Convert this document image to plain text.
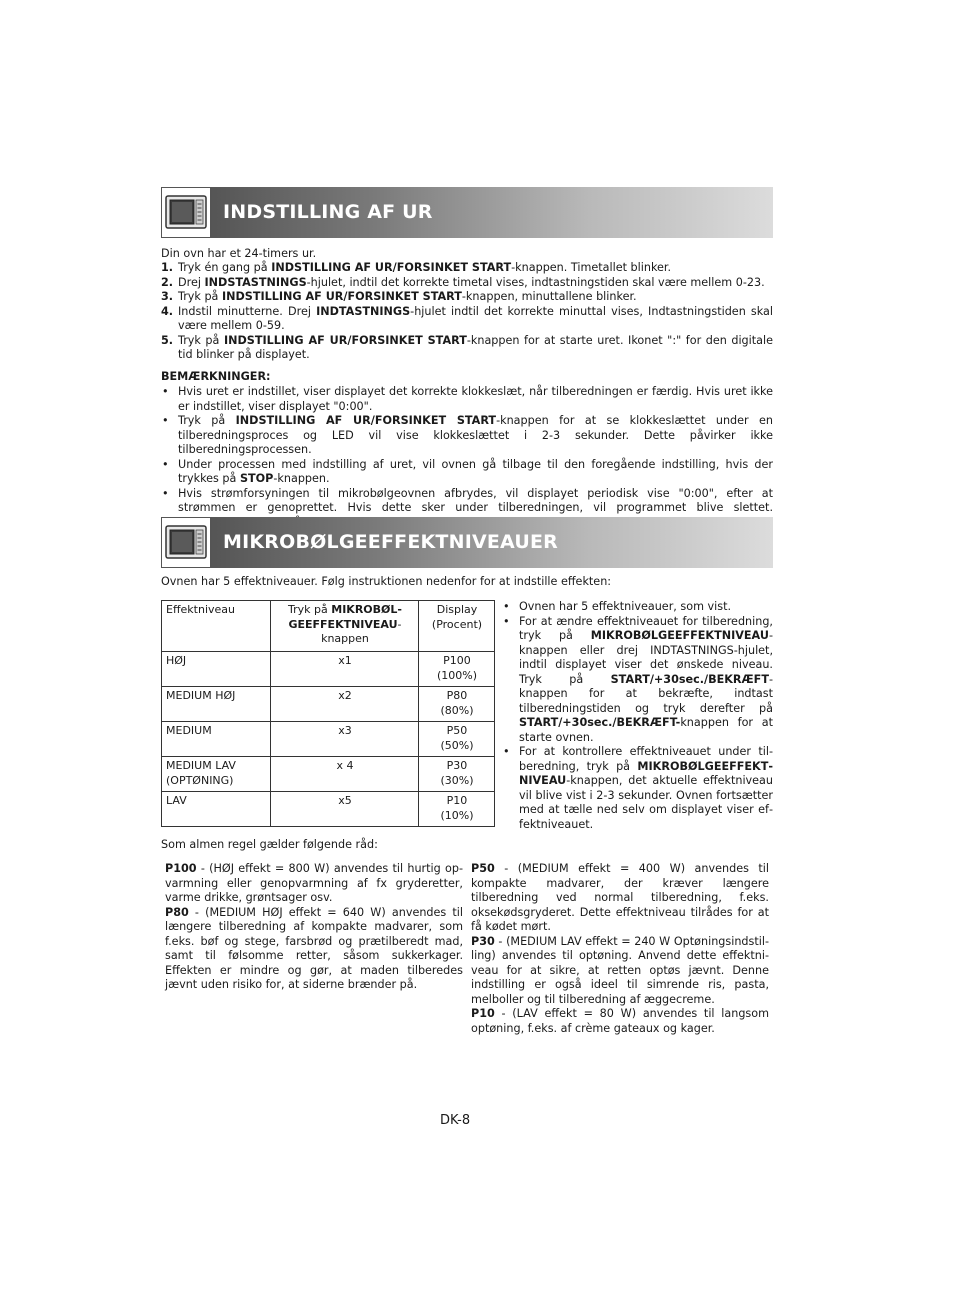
INDSTILLING AF UR
Din ovn har et 24-timers ur.
1. Tryk én gang på INDSTILLING AF UR/FORSINKET START-knappen. Timetallet blinker.
2. Drej INDSTASTNINGS-hjulet, indtil det korrekte timetal vises, indtastningstiden skal være mellem 0-23.
3. Tryk på INDSTILLING AF UR/FORSINKET START-knappen, minuttallene blinker.
4. Indstil minutterne. Drej INDTASTNINGS-hjulet indtil det korrekte minuttal vises, Indtastningstiden skal være mellem 0-59.
5. Tryk på INDSTILLING AF UR/FORSINKET START-knappen for at starte uret. Ikonet ":" for den digitale tid blinker på displayet.
BEMÆRKNINGER:
• Hvis uret er indstillet, viser displayet det korrekte klokkeslæt, når tilberedningen er færdig. Hvis uret ikke er indstillet, viser displayet "0:00".
• Tryk på INDSTILLING AF UR/FORSINKET START-knappen for at se klokkeslættet under en tilberedningsproces og LED vil vise klokkeslættet i 2-3 sekunder. Dette påvirker ikke tilberedningsprocessen.
• Under processen med indstilling af uret, vil ovnen gå tilbage til den foregående indstilling, hvis der trykkes på STOP-knappen.
• Hvis strømforsyningen til mikrobølgeovnen afbrydes, vil displayet periodisk vise "0:00", efter at strømmen er genoprettet. Hvis dette sker under tilberedningen, vil programmet blive slettet.
MIKROBØLGEEFFEKTNIVEAUER
Ovnen har 5 effektniveauer. Følg instruktionen nedenfor for at indstille effekten:
Effektniveau	Tryk på MIKROBØLGEEFFEKTNIVEAU-knappen	Display (Procent)
HØJ	x1	P100
(100%)
MEDIUM HØJ	x2	P80
(80%)
MEDIUM	x3	P50
(50%)
MEDIUM LAV (OPTØNING)	x 4	P30
(30%)
LAV	x5	P10
(10%)
• Ovnen har 5 effektniveauer, som vist.
• For at ændre effektniveauet for tilberedning, tryk på MIKROBØLGEEFFEKTNIVEAU-knappen eller drej INDTASTNINGS-hjulet, indtil displayet viser det ønskede niveau. Tryk på START/+30sec./BEKRÆFT-knappen for at bekræfte, indtast tilberedningstiden og tryk derefter på START/+30sec./BEKRÆFT-knappen for at starte ovnen.
• For at kontrollere effektniveauet under tilberedning, tryk på MIKROBØLGEEFFEKTNIVEAU-knappen, det aktuelle effektniveau vil blive vist i 2-3 sekunder. Ovnen fortsætter med at tælle ned selv om displayet viser effektniveauet.
Som almen regel gælder følgende råd:

P100 - (HØJ effekt = 800 W) anvendes til hurtig opvarmning eller genopvarmning af fx gryderetter, varme drikke, grøntsager osv.

P80 - (MEDIUM HØJ effekt = 640 W) anvendes til længere tilberedning af kompakte madvarer, som f.eks. bøf og stege, farsbrød og prætilberedt mad, samt til følsomme retter, såsom sukkerkager. Effekten er mindre og gør, at maden tilberedes jævnt uden risiko for, at siderne brænder på.

P50 - (MEDIUM effekt = 400 W) anvendes til kompakte madvarer, der kræver længere tilberedning ved normal tilberedning, f.eks. oksekødsgryderet. Dette effektniveau tilrådes for at få kødet mørt.

P30 - (MEDIUM LAV effekt = 240 W Optøningsindstilling) anvendes til optøning. Anvend dette effektniveau for at sikre, at retten optøs jævnt. Denne indstilling er også ideel til simrende ris, pasta, melboller og til tilberedning af æggecreme.

P10 - (LAV effekt = 80 W) anvendes til langsom optøning, f.eks. af crème gateaux og kager.

DK-8
